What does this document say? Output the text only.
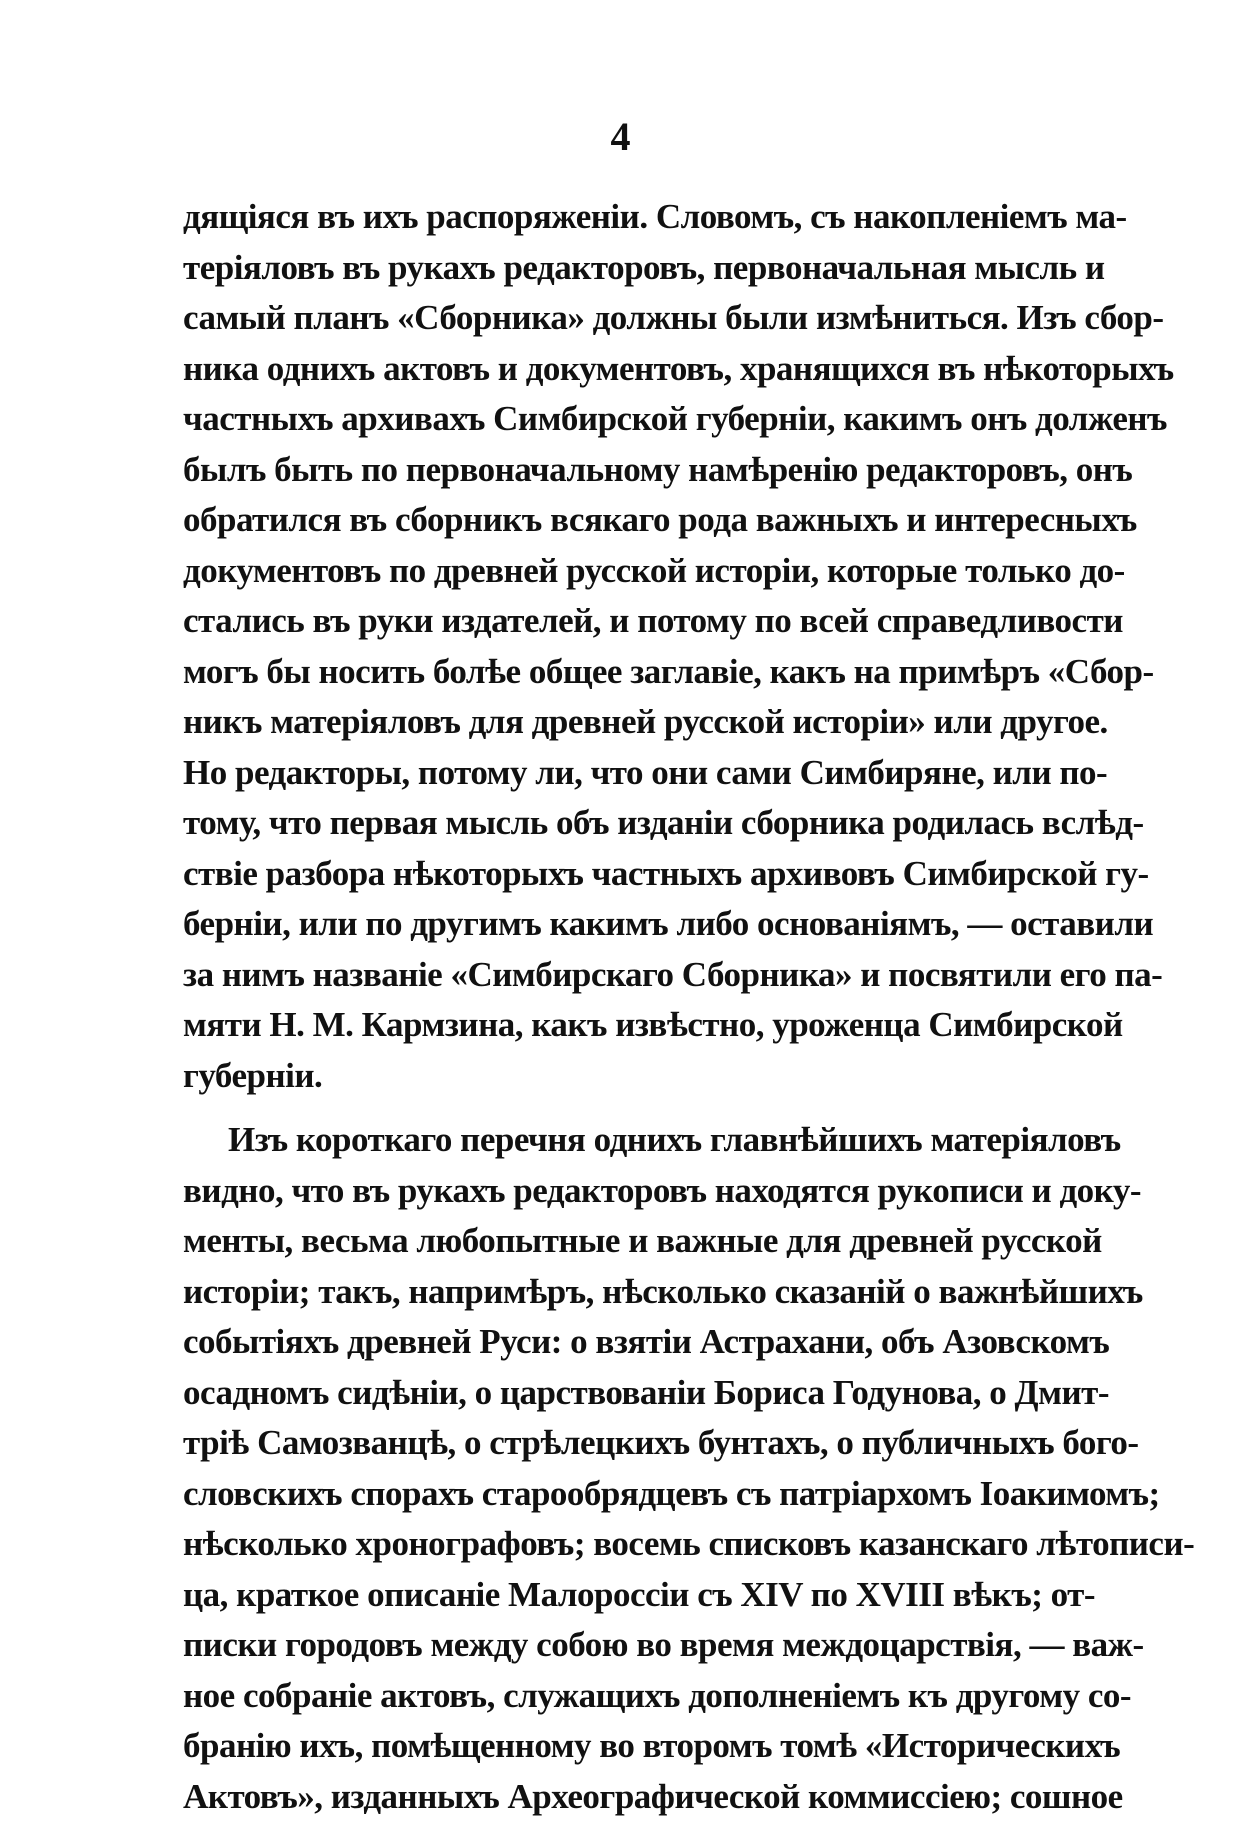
4
дящіяся въ ихъ распоряженіи. Словомъ, съ накопленіемъ ма-
теріяловъ въ рукахъ редакторовъ, первоначальная мысль и
самый планъ «Сборника» должны были измѣниться. Изъ сбор-
ника однихъ актовъ и документовъ, хранящихся въ нѣкоторыхъ
частныхъ архивахъ Симбирской губерніи, какимъ онъ долженъ
былъ быть по первоначальному намѣренію редакторовъ, онъ
обратился въ сборникъ всякаго рода важныхъ и интересныхъ
документовъ по древней русской исторіи, которые только до-
стались въ руки издателей, и потому по всей справедливости
могъ бы носить болѣе общее заглавіе, какъ на примѣръ «Сбор-
никъ матеріяловъ для древней русской исторіи» или другое.
Но редакторы, потому ли, что они сами Симбиряне, или по-
тому, что первая мысль объ изданіи сборника родилась вслѣд-
ствіе разбора нѣкоторыхъ частныхъ архивовъ Симбирской гу-
берніи, или по другимъ какимъ либо основаніямъ, — оставили
за нимъ названіе «Симбирскаго Сборника» и посвятили его па-
мяти Н. М. Кармзина, какъ извѣстно, уроженца Симбирской
губерніи.
Изъ короткаго перечня однихъ главнѣйшихъ матеріяловъ
видно, что въ рукахъ редакторовъ находятся рукописи и доку-
менты, весьма любопытные и важные для древней русской
исторіи; такъ, напримѣръ, нѣсколько сказаній о важнѣйшихъ
событіяхъ древней Руси: о взятіи Астрахани, объ Азовскомъ
осадномъ сидѣніи, о царствованіи Бориса Годунова, о Дмит-
тріѣ Самозванцѣ, о стрѣлецкихъ бунтахъ, о публичныхъ бого-
словскихъ спорахъ старообрядцевъ съ патріархомъ Іоакимомъ;
нѣсколько хронографовъ; восемь списковъ казанскаго лѣтописи-
ца, краткое описаніе Малороссіи съ XIV по XVIII вѣкъ; от-
писки городовъ между собою во время междоцарствія, — важ-
ное собраніе актовъ, служащихъ дополненіемъ къ другому со-
бранію ихъ, помѣщенному во второмъ томѣ «Историческихъ
Актовъ», изданныхъ Археографической коммиссіею; сошное
